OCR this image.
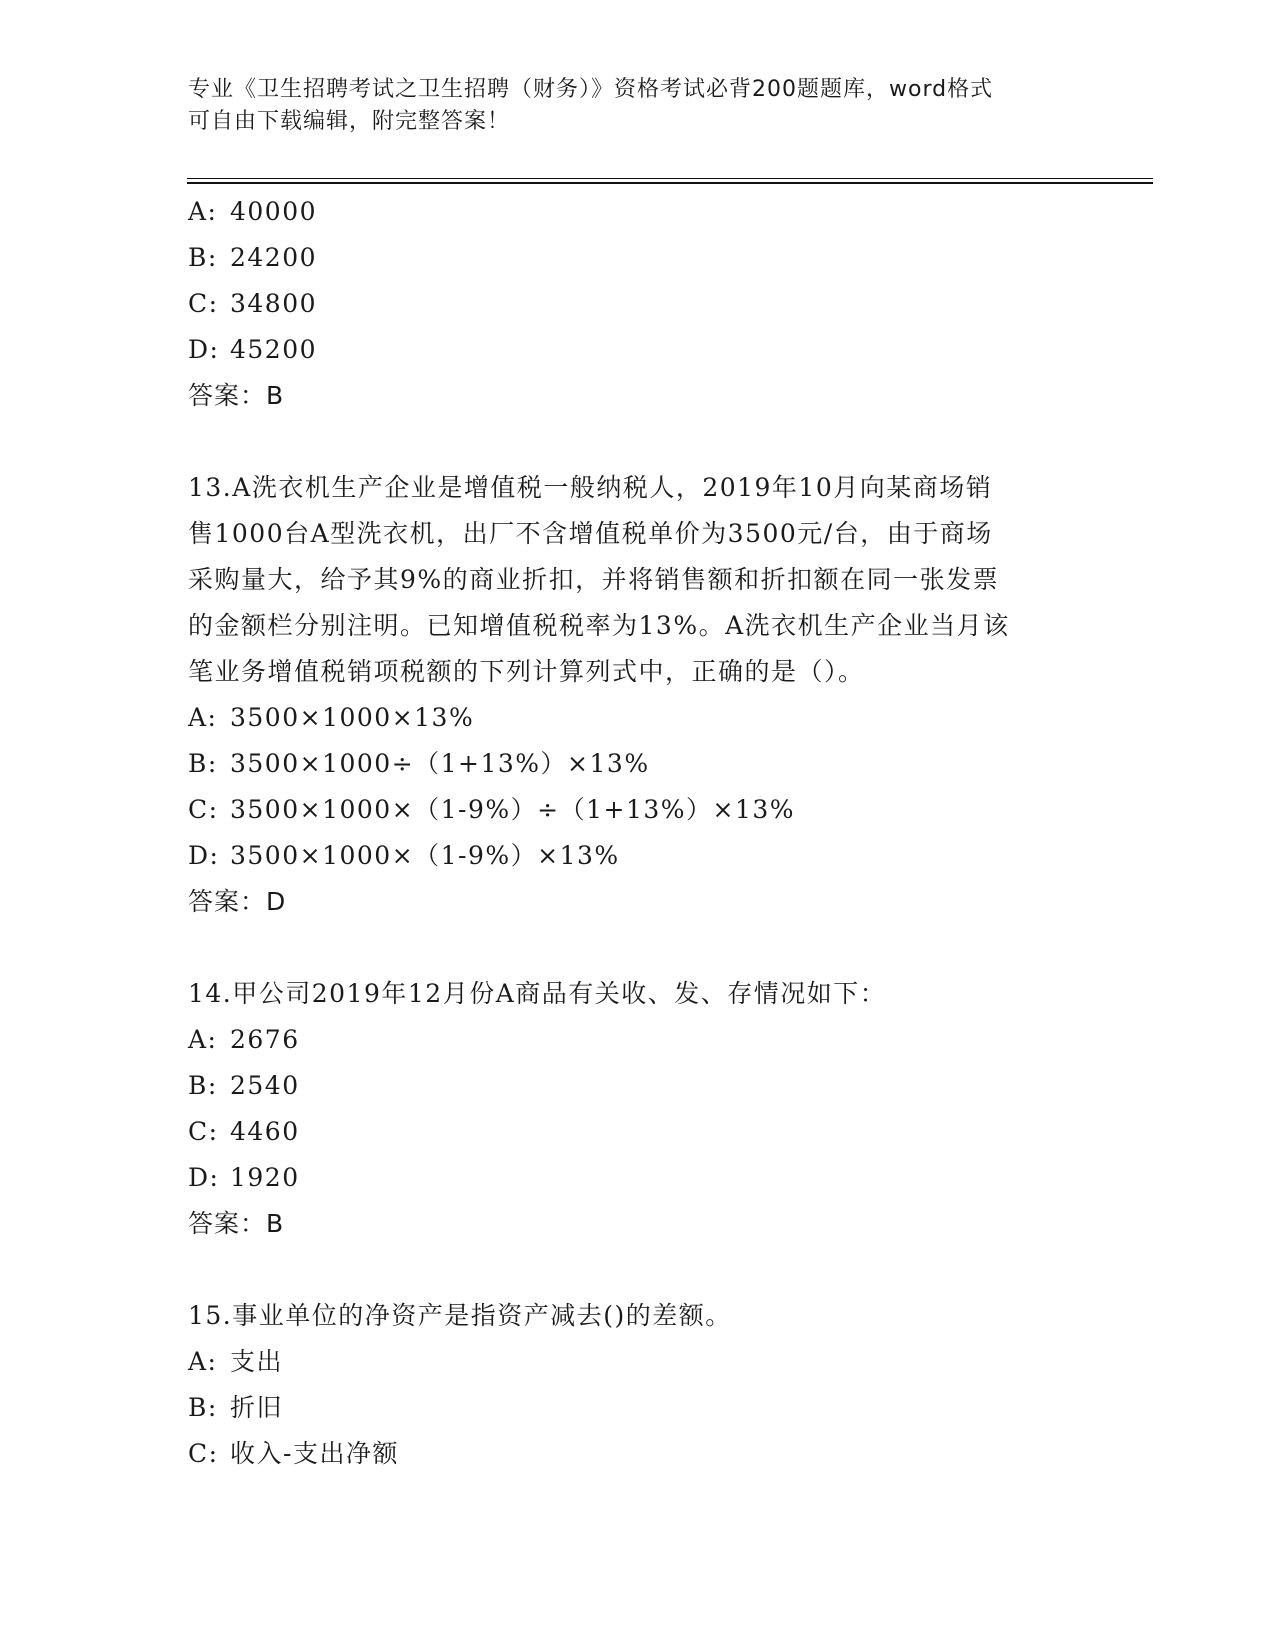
专业《卫生招聘考试之卫生招聘（财务）》资格考试必背200题题库，word格式
可自由下载编辑，附完整答案！
A: 40000
B: 24200
C: 34800
D: 45200
答案：B
13.A洗衣机生产企业是增值税一般纳税人，2019年10月向某商场销
售1000台A型洗衣机，出厂不含增值税单价为3500元/台，由于商场
采购量大，给予其9%的商业折扣，并将销售额和折扣额在同一张发票
的金额栏分别注明。已知增值税税率为13%。A洗衣机生产企业当月该
笔业务增值税销项税额的下列计算列式中，正确的是（）。
A: 3500×1000×13%
B: 3500×1000÷（1+13%）×13%
C: 3500×1000×（1-9%）÷（1+13%）×13%
D: 3500×1000×（1-9%）×13%
答案：D
14.甲公司2019年12月份A商品有关收、发、存情况如下：
A: 2676
B: 2540
C: 4460
D: 1920
答案：B
15.事业单位的净资产是指资产减去()的差额。
A: 支出
B: 折旧
C: 收入-支出净额
